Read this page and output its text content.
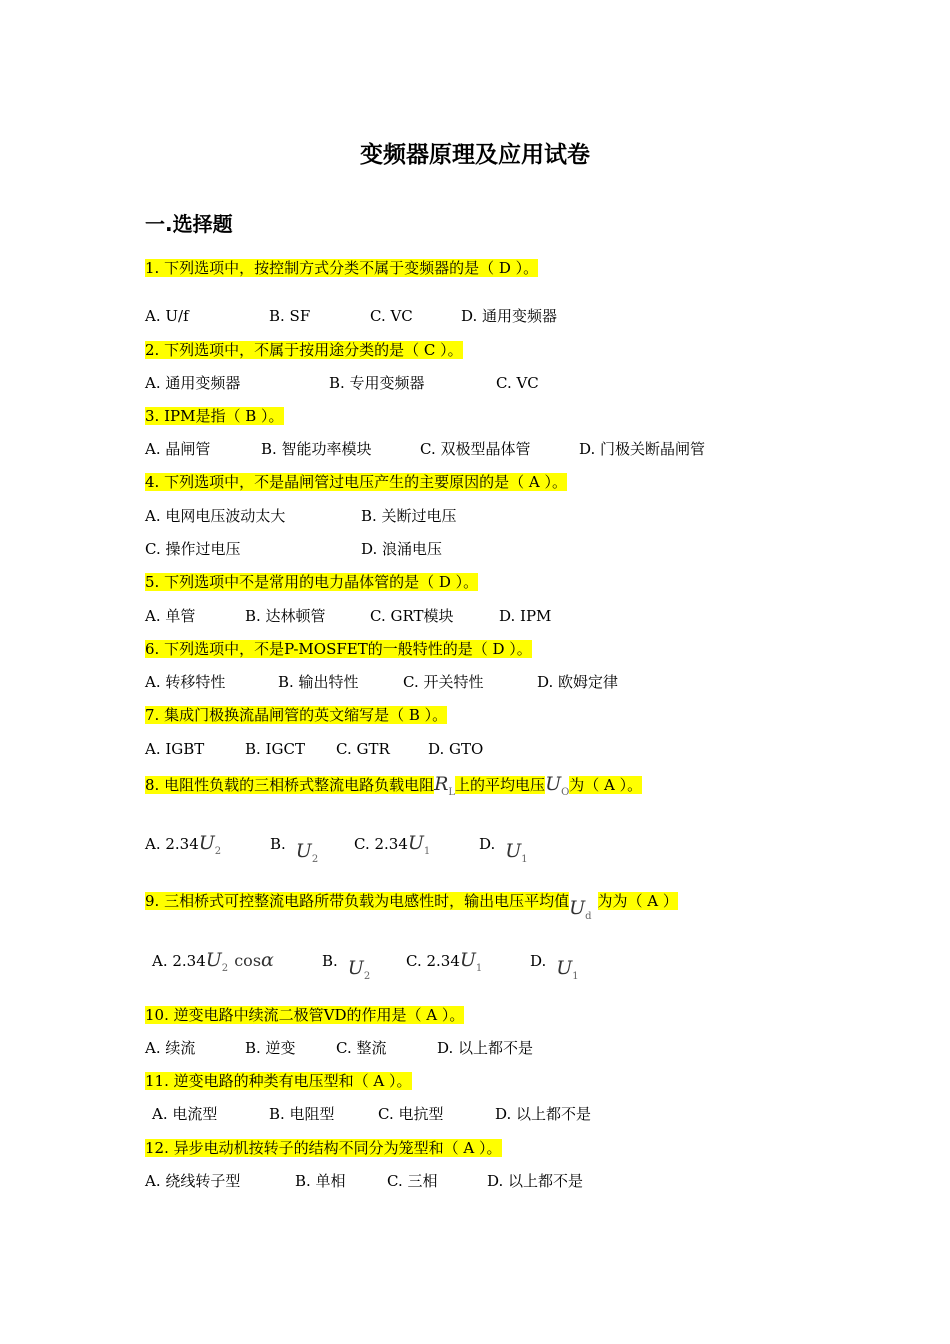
变频器原理及应用试卷
一.选择题
1. 下列选项中，按控制方式分类不属于变频器的是（ D ）。
A. U/f	B. SF	C. VC	D. 通用变频器
2. 下列选项中，不属于按用途分类的是（ C ）。
A. 通用变频器	B. 专用变频器	C. VC
3. IPM是指（ B ）。
A. 晶闸管	B. 智能功率模块	C. 双极型晶体管	D. 门极关断晶闸管
4. 下列选项中，不是晶闸管过电压产生的主要原因的是（ A ）。
A. 电网电压波动太大	B. 关断过电压
C. 操作过电压	D. 浪涌电压
5. 下列选项中不是常用的电力晶体管的是（ D ）。
A. 单管	B. 达林顿管	C. GRT模块	D. IPM
6. 下列选项中，不是P-MOSFET的一般特性的是（ D ）。
A. 转移特性	B. 输出特性	C. 开关特性	D. 欧姆定律
7. 集成门极换流晶闸管的英文缩写是（ B ）。
A. IGBT	B. IGCT C. GTR	D. GTO
8. 电阻性负载的三相桥式整流电路负载电阻$R_L$上的平均电压$U_O$为（ A ）。
A. $2.34U_2$	B. $U_2$
C. $2.34U_1$	D. $U_1$
9. 三相桥式可控整流电路所带负载为电感性时，输出电压平均值$U_d$为为（ A ）
A. $2.34U_2$ cosα	B. $U_2$
C. $2.34U_1$	D. $U_1$
10. 逆变电路中续流二极管VD的作用是（ A ）。
A. 续流	B. 逆变	C. 整流	D. 以上都不是
11. 逆变电路的种类有电压型和（ A ）。
A. 电流型	B. 电阻型	C. 电抗型	D. 以上都不是
12. 异步电动机按转子的结构不同分为笼型和（ A ）。
A. 绕线转子型	B. 单相	C. 三相	D. 以上都不是
